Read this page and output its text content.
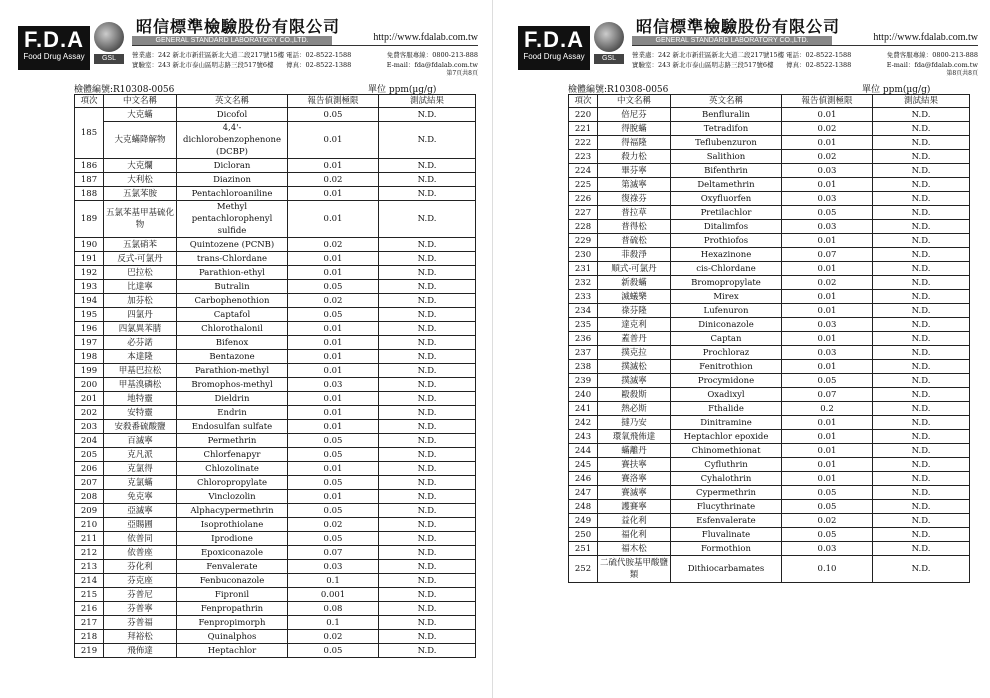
F.D.A
Food Drug Assay	GSL
昭信標準檢驗股份有限公司
GENERAL STANDARD LABORATORY CO.,LTD.	http://www.fdalab.com.tw
營業處：242 新北市新莊區新北大道二段217號15樓
實驗室：243 新北市泰山區明志路三段517號6樓
電話：02-8522-1588
傳真：02-8522-1388
免費客服專線：0800-213-888
E-mail：fda@fdalab.com.tw
第7頁共8頁
檢體編號:R10308-0056	單位 ppm(µg/g)
項次	中文名稱	英文名稱	報告偵測極限	測試結果
185	大克蟎	Dicofol	0.05	N.D.
	大克蟎降解物	4,4'-dichlorobenzophenone (DCBP)	0.01	N.D.
186	大克爛	Dicloran	0.01	N.D.
187	大利松	Diazinon	0.02	N.D.
188	五氯苯胺	Pentachloroaniline	0.01	N.D.
189	五氯苯基甲基硫化物	Methyl pentachlorophenyl sulfide	0.01	N.D.
190	五氯硝苯	Quintozene (PCNB)	0.02	N.D.
191	反式-可氯丹	trans-Chlordane	0.01	N.D.
192	巴拉松	Parathion-ethyl	0.01	N.D.
193	比達寧	Butralin	0.05	N.D.
194	加芬松	Carbophenothion	0.02	N.D.
195	四氯丹	Captafol	0.05	N.D.
196	四氯異苯腈	Chlorothalonil	0.01	N.D.
197	必芬諾	Bifenox	0.01	N.D.
198	本達隆	Bentazone	0.01	N.D.
199	甲基巴拉松	Parathion-methyl	0.01	N.D.
200	甲基溴磷松	Bromophos-methyl	0.03	N.D.
201	地特靈	Dieldrin	0.01	N.D.
202	安特靈	Endrin	0.01	N.D.
203	安殺番硫酸鹽	Endosulfan sulfate	0.01	N.D.
204	百滅寧	Permethrin	0.05	N.D.
205	克凡派	Chlorfenapyr	0.05	N.D.
206	克氯得	Chlozolinate	0.01	N.D.
207	克氯蟎	Chloropropylate	0.05	N.D.
208	免克寧	Vinclozolin	0.01	N.D.
209	亞滅寧	Alphacypermethrin	0.05	N.D.
210	亞賜圃	Isoprothiolane	0.02	N.D.
211	依普同	Iprodione	0.05	N.D.
212	依普座	Epoxiconazole	0.07	N.D.
213	芬化利	Fenvalerate	0.03	N.D.
214	芬克座	Fenbuconazole	0.1	N.D.
215	芬普尼	Fipronil	0.001	N.D.
216	芬普寧	Fenpropathrin	0.08	N.D.
217	芬普福	Fenpropimorph	0.1	N.D.
218	拜裕松	Quinalphos	0.02	N.D.
219	飛佈達	Heptachlor	0.05	N.D.
F.D.A
Food Drug Assay	GSL
昭信標準檢驗股份有限公司
GENERAL STANDARD LABORATORY CO.,LTD.	http://www.fdalab.com.tw
營業處：242 新北市新莊區新北大道二段217號15樓
實驗室：243 新北市泰山區明志路三段517號6樓
電話：02-8522-1588
傳真：02-8522-1388
免費客服專線：0800-213-888
E-mail：fda@fdalab.com.tw
第8頁共8頁
檢體編號:R10308-0056	單位 ppm(µg/g)
項次	中文名稱	英文名稱	報告偵測極限	測試結果
220	倍尼芬	Benfluralin	0.01	N.D.
221	得脫蟎	Tetradifon	0.02	N.D.
222	得福隆	Teflubenzuron	0.01	N.D.
223	殺力松	Salithion	0.02	N.D.
224	畢芬寧	Bifenthrin	0.03	N.D.
225	第滅寧	Deltamethrin	0.01	N.D.
226	復祿芬	Oxyfluorfen	0.03	N.D.
227	普拉草	Pretilachlor	0.05	N.D.
228	普得松	Ditalimfos	0.03	N.D.
229	普硫松	Prothiofos	0.01	N.D.
230	菲殺淨	Hexazinone	0.07	N.D.
231	順式-可氯丹	cis-Chlordane	0.01	N.D.
232	新殺蟎	Bromopropylate	0.02	N.D.
233	滅蟻樂	Mirex	0.01	N.D.
234	祿芬隆	Lufenuron	0.01	N.D.
235	達克利	Diniconazole	0.03	N.D.
236	蓋普丹	Captan	0.01	N.D.
237	撲克拉	Prochloraz	0.03	N.D.
238	撲滅松	Fenitrothion	0.01	N.D.
239	撲滅寧	Procymidone	0.05	N.D.
240	毆殺斯	Oxadixyl	0.07	N.D.
241	熱必斯	Fthalide	0.2	N.D.
242	撻乃安	Dinitramine	0.01	N.D.
243	環氧飛佈達	Heptachlor epoxide	0.01	N.D.
244	蟎離丹	Chinomethionat	0.01	N.D.
245	賽扶寧	Cyfluthrin	0.01	N.D.
246	賽洛寧	Cyhalothrin	0.01	N.D.
247	賽滅寧	Cypermethrin	0.05	N.D.
248	護賽寧	Flucythrinate	0.05	N.D.
249	益化利	Esfenvalerate	0.02	N.D.
250	福化利	Fluvalinate	0.05	N.D.
251	福木松	Formothion	0.03	N.D.
252	二硫代胺基甲酸鹽類	Dithiocarbamates	0.10	N.D.
